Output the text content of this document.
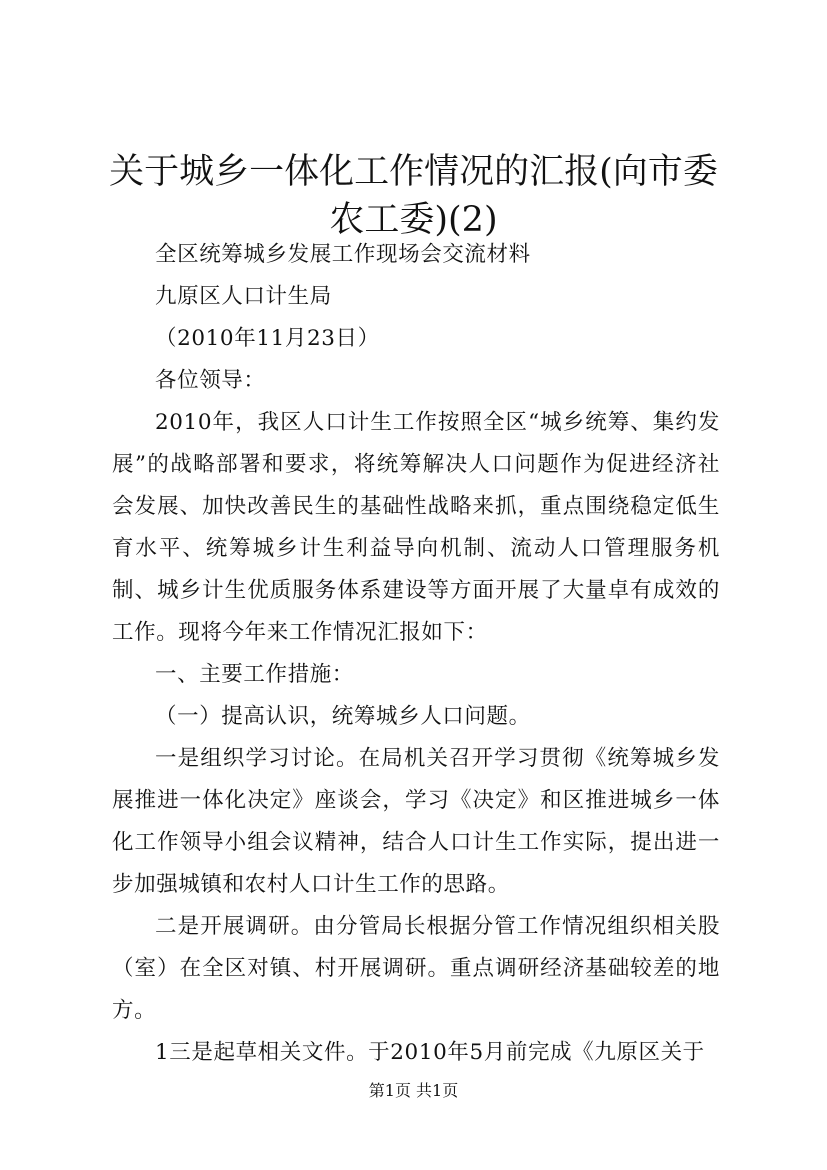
关于城乡一体化工作情况的汇报(向市委农工委)(2)

全区统筹城乡发展工作现场会交流材料

九原区人口计生局

（2010年11月23日）

各位领导：

2010年，我区人口计生工作按照全区“城乡统筹、集约发展”的战略部署和要求，将统筹解决人口问题作为促进经济社会发展、加快改善民生的基础性战略来抓，重点围绕稳定低生育水平、统筹城乡计生利益导向机制、流动人口管理服务机制、城乡计生优质服务体系建设等方面开展了大量卓有成效的工作。现将今年来工作情况汇报如下：

一、主要工作措施：

（一）提高认识，统筹城乡人口问题。

一是组织学习讨论。在局机关召开学习贯彻《统筹城乡发展推进一体化决定》座谈会，学习《决定》和区推进城乡一体化工作领导小组会议精神，结合人口计生工作实际，提出进一步加强城镇和农村人口计生工作的思路。

二是开展调研。由分管局长根据分管工作情况组织相关股（室）在全区对镇、村开展调研。重点调研经济基础较差的地方。

1三是起草相关文件。于2010年5月前完成《九原区关于

第1页 共1页
